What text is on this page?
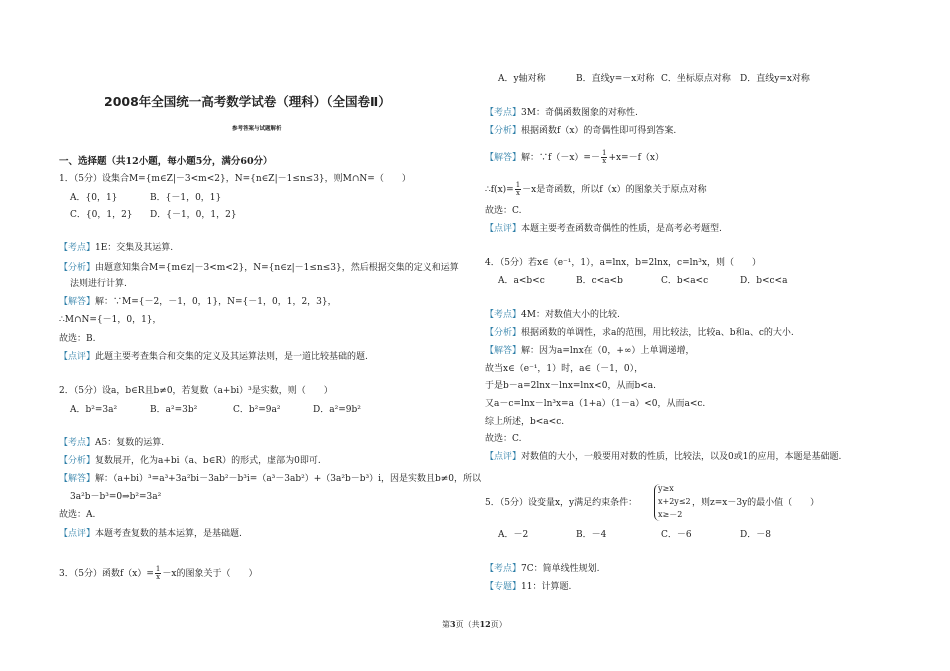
2008年全国统一高考数学试卷（理科）（全国卷Ⅱ）
参考答案与试题解析
一、选择题（共12小题，每小题5分，满分60分）
1．（5分）设集合M={m∈Z|－3<m<2}，N={n∈Z|－1≤n≤3}，则M∩N=（　　）
A．{0，1}	B．{－1，0，1}
C．{0，1，2} D．{－1，0，1，2}
【考点】1E：交集及其运算.
【分析】由题意知集合M={m∈z|－3<m<2}，N={n∈z|－1≤n≤3}，然后根据交集的定义和运算
法则进行计算.
【解答】解：∵M={－2，－1，0，1}，N={－1，0，1，2，3}，
∴M∩N={－1，0，1}，
故选：B.
【点评】此题主要考查集合和交集的定义及其运算法则，是一道比较基础的题.
2．（5分）设a，b∈R且b≠0，若复数（a+bi）³是实数，则（　　）
A．b²=3a²	B．a²=3b²	C．b²=9a²	D．a²=9b²
【考点】A5：复数的运算.
【分析】复数展开，化为a+bi（a、b∈R）的形式，虚部为0即可.
【解答】解：（a+bi）³=a³+3a²bi－3ab²－b³i=（a³－3ab²）+（3a²b－b³）i，因是实数且b≠0，所以
3a²b－b³=0⇒b²=3a²
故选：A.
【点评】本题考查复数的基本运算，是基础题.
3．（5分）函数$f(x)= \frac{1}{x} -x$的图象关于（　　）
A．y轴对称	B．直线y=－x对称 C．坐标原点对称 D．直线y=x对称
【考点】3M：奇偶函数图象的对称性.
【分析】根据函数f（x）的奇偶性即可得到答案.
【解答】解：∵f（－x）=－ $\frac{1}{x} +x=-f(x)$
∴f(x)= $\frac{1}{x} -x$是奇函数，所以f（x）的图象关于原点对称
故选：C.
【点评】本题主要考查函数奇偶性的性质，是高考必考题型.
4．（5分）若x∈（e⁻¹，1），a=lnx，b=2lnx，c=ln³x，则（　　）
A．a<b<c	B．c<a<b	C．b<a<c	D．b<c<a
【考点】4M：对数值大小的比较.
【分析】根据函数的单调性，求a的范围，用比较法，比较a、b和a、c的大小.
【解答】解：因为a=lnx在（0，+∞）上单调递增，
故当x∈（e⁻¹，1）时，a∈（－1，0），
于是b－a=2lnx－lnx=lnx<0，从而b<a.
又a－c=lnx－ln³x=a（1+a）（1－a）<0，从而a<c.
综上所述，b<a<c.
故选：C.
【点评】对数值的大小，一般要用对数的性质，比较法，以及0或1的应用，本题是基础题.
5．（5分）设变量x，y满足约束条件：
y≥x
x+2y≤2
x≥－2
，则z=x－3y的最小值（　　）
A．－2	B．－4	C．－6	D．－8
【考点】7C：简单线性规划.
【专题】11：计算题.
第3页（共12页）
